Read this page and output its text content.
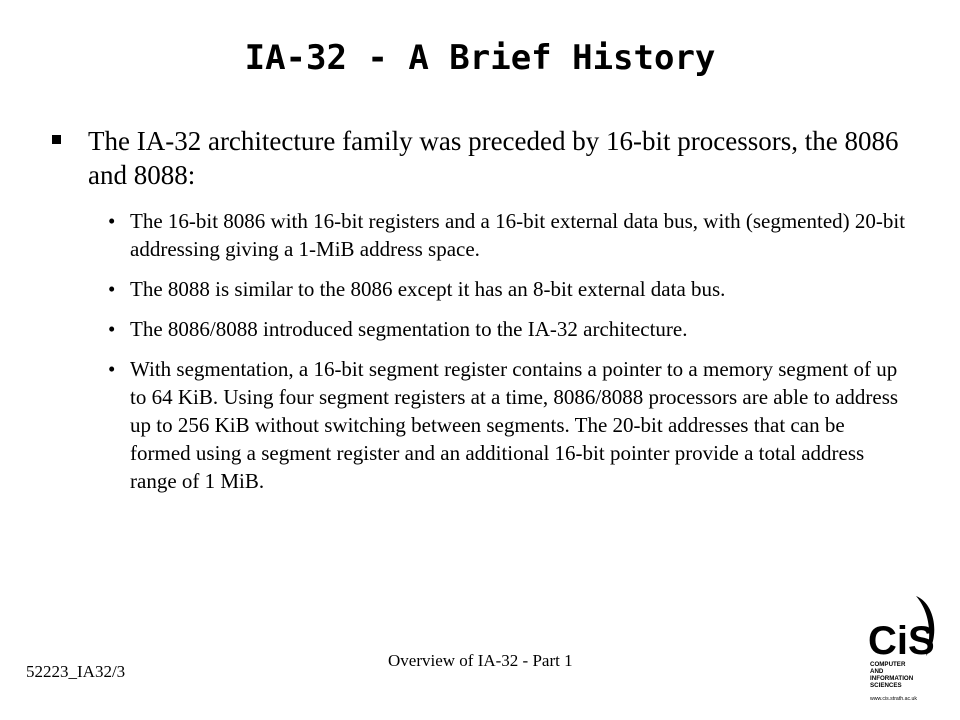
IA-32 - A Brief History
The IA-32 architecture family was preceded by 16-bit processors, the 8086 and 8088:
• The 16-bit 8086 with 16-bit registers and a 16-bit external data bus, with (segmented) 20-bit addressing giving a 1-MiB address space.
• The 8088 is similar to the 8086 except it has an 8-bit external data bus.
• The 8086/8088 introduced segmentation to the IA-32 architecture.
• With segmentation, a 16-bit segment register contains a pointer to a memory segment of up to 64 KiB. Using four segment registers at a time, 8086/8088 processors are able to address up to 256 KiB without switching between segments. The 20-bit addresses that can be formed using a segment register and an additional 16-bit pointer provide a total address range of 1 MiB.
52223_IA32/3
Overview of IA-32 - Part 1	CiS
COMPUTER
AND
INFORMATION
SCIENCES
www.cis.strath.ac.uk
